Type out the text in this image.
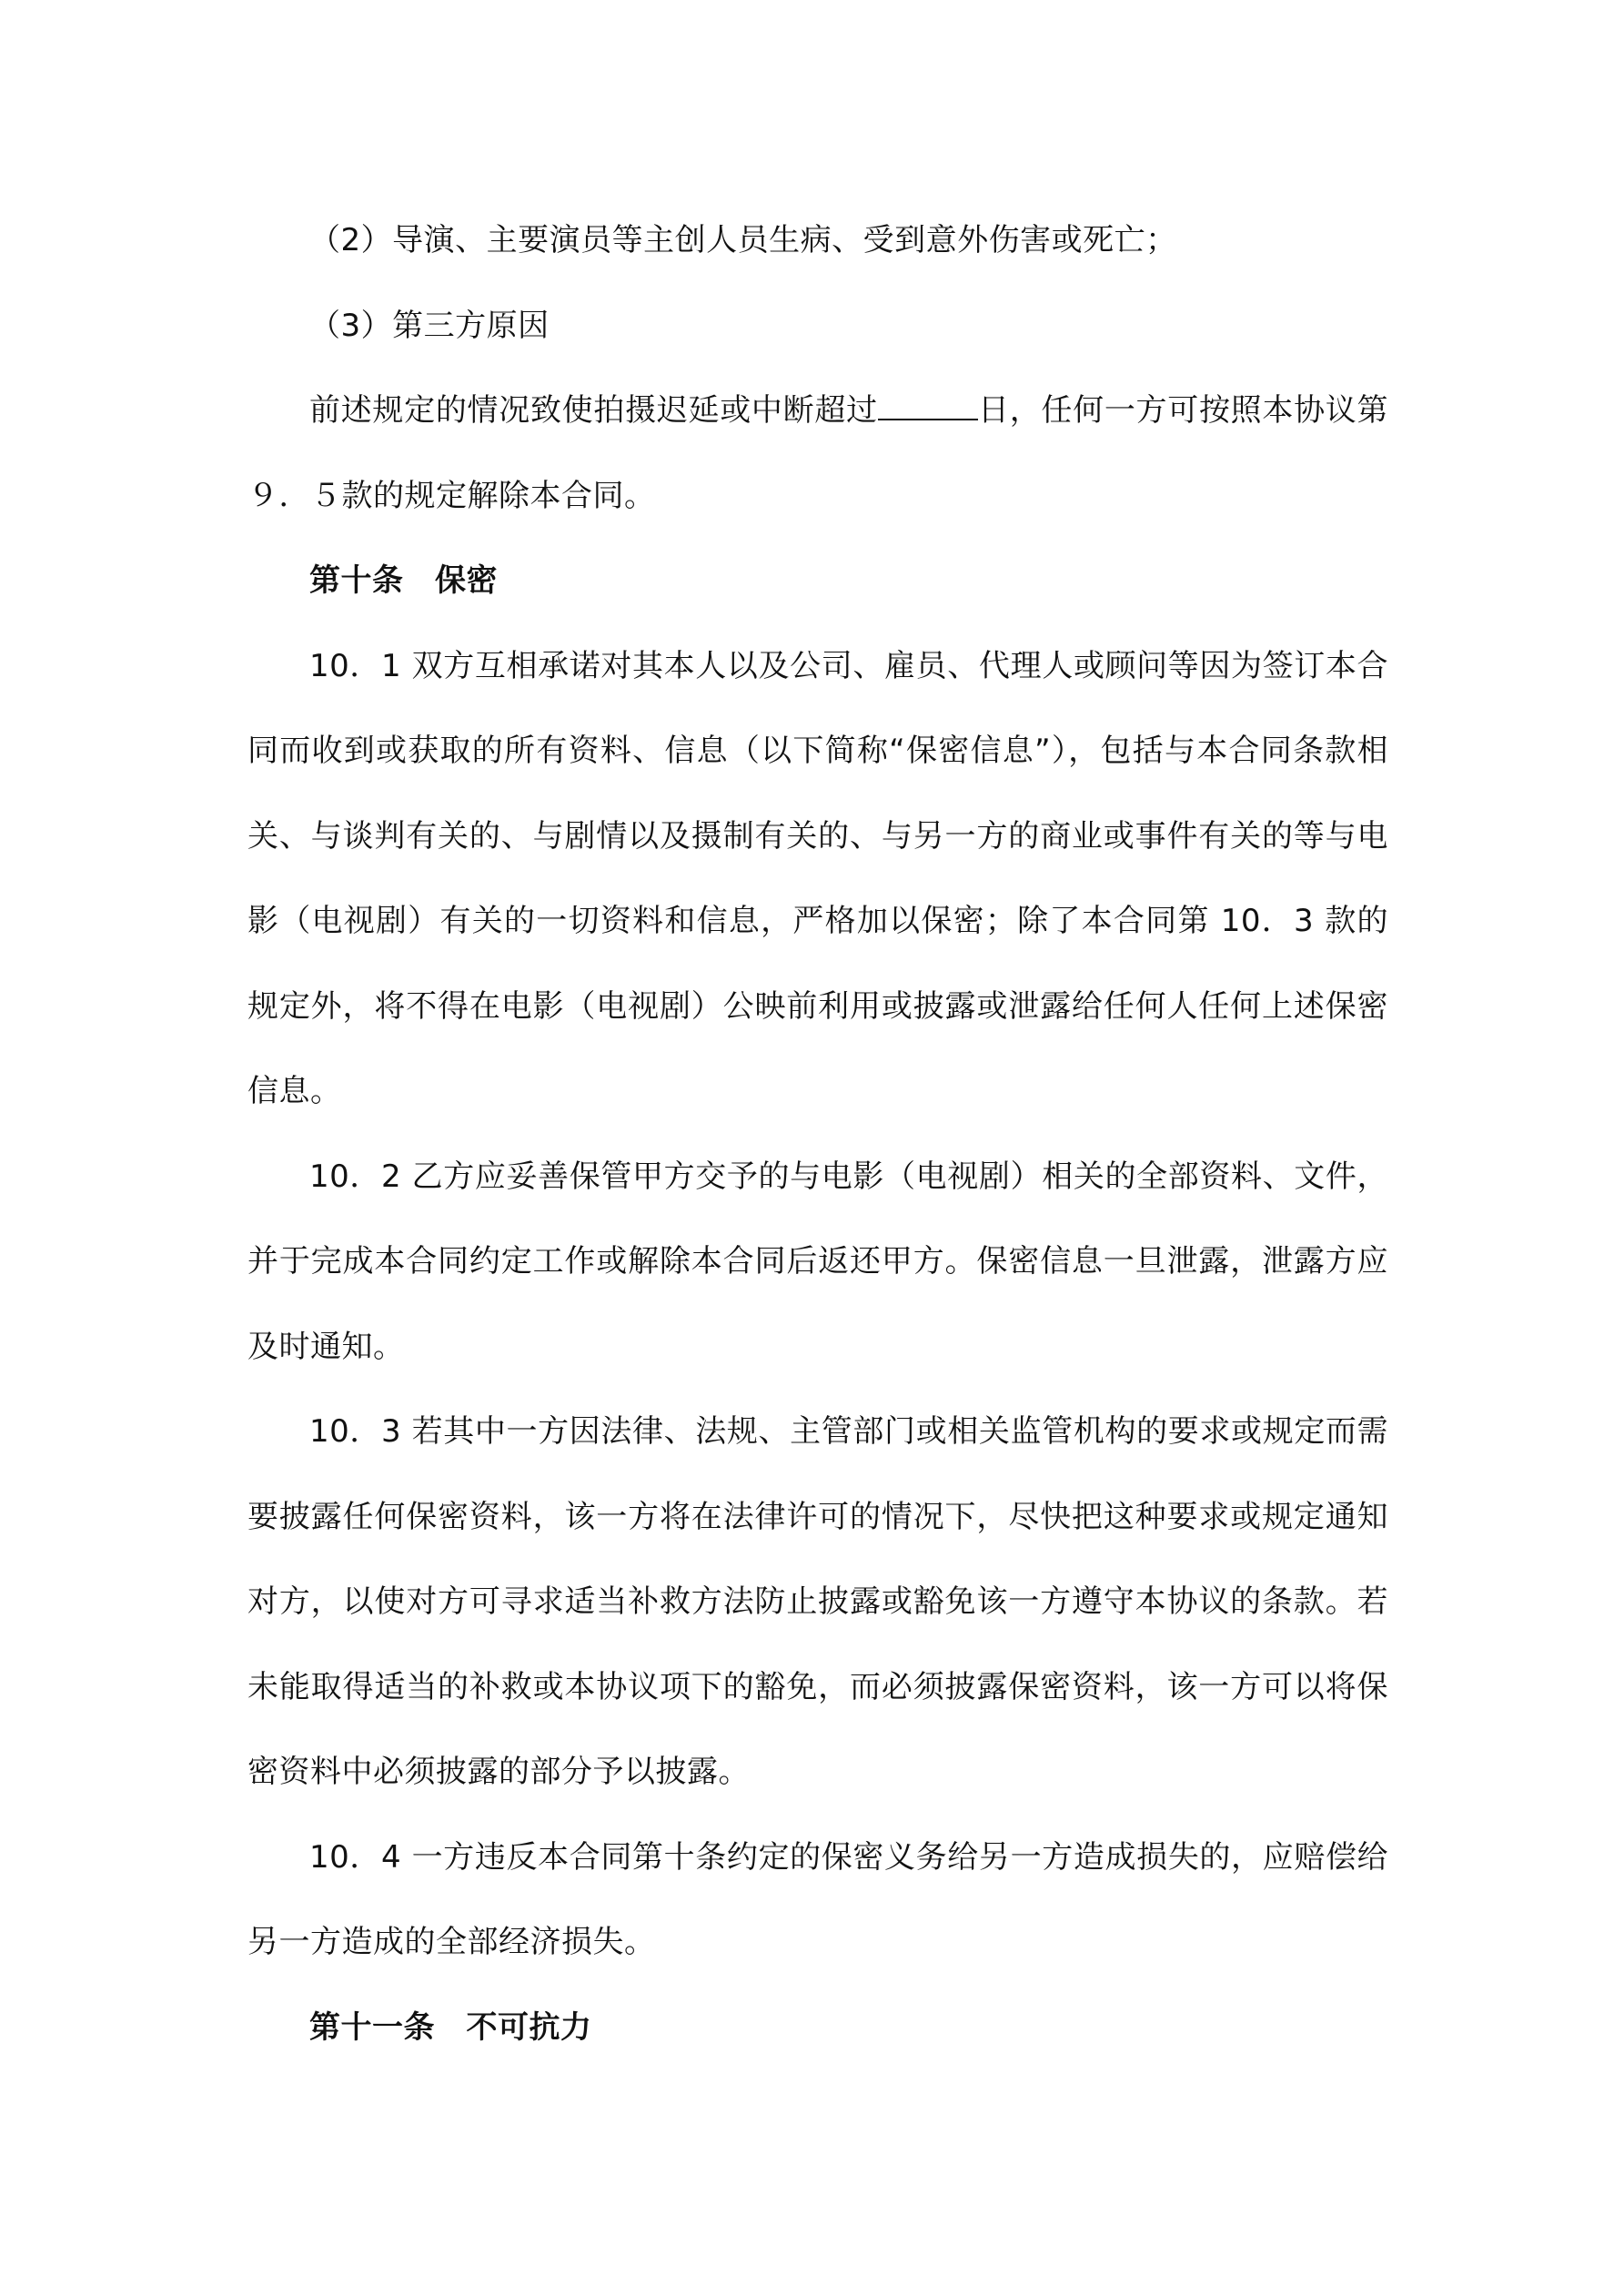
（2）导演、主要演员等主创人员生病、受到意外伤害或死亡；

（3）第三方原因

前述规定的情况致使拍摄迟延或中断超过	日，任何一方可按照本协议第９．５款的规定解除本合同。

第十条　保密

10．1 双方互相承诺对其本人以及公司、雇员、代理人或顾问等因为签订本合同而收到或获取的所有资料、信息（以下简称“保密信息”），包括与本合同条款相关、与谈判有关的、与剧情以及摄制有关的、与另一方的商业或事件有关的等与电影（电视剧）有关的一切资料和信息，严格加以保密；除了本合同第 10．3 款的规定外，将不得在电影（电视剧）公映前利用或披露或泄露给任何人任何上述保密信息。

10．2 乙方应妥善保管甲方交予的与电影（电视剧）相关的全部资料、文件，并于完成本合同约定工作或解除本合同后返还甲方。保密信息一旦泄露，泄露方应及时通知。

10．3 若其中一方因法律、法规、主管部门或相关监管机构的要求或规定而需要披露任何保密资料，该一方将在法律许可的情况下，尽快把这种要求或规定通知对方，以使对方可寻求适当补救方法防止披露或豁免该一方遵守本协议的条款。若未能取得适当的补救或本协议项下的豁免，而必须披露保密资料，该一方可以将保密资料中必须披露的部分予以披露。

10．4 一方违反本合同第十条约定的保密义务给另一方造成损失的，应赔偿给另一方造成的全部经济损失。

第十一条　不可抗力
